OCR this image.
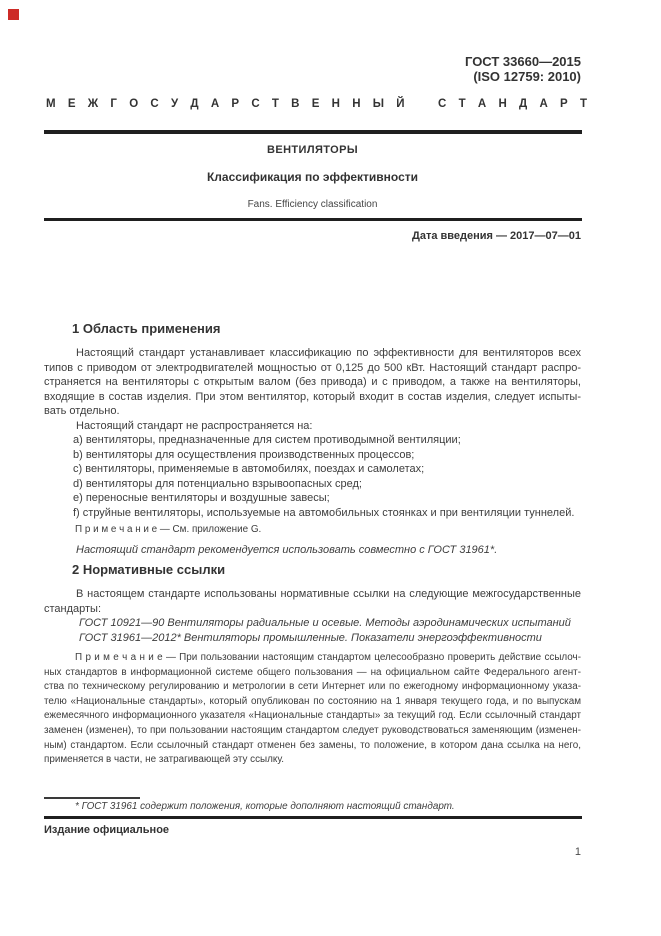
ГОСТ 33660—2015
(ISO 12759: 2010)
М Е Ж Г О С У Д А Р С Т В Е Н Н Ы Й	С Т А Н Д А Р Т
ВЕНТИЛЯТОРЫ
Классификация по эффективности
Fans. Efficiency classification
Дата введения — 2017—07—01
1 Область применения
Настоящий стандарт устанавливает классификацию по эффективности для вентиляторов всех
типов с приводом от электродвигателей мощностью от 0,125 до 500 кВт. Настоящий стандарт распро-
страняется на вентиляторы с открытым валом (без привода) и с приводом, а также на вентиляторы,
входящие в состав изделия. При этом вентилятор, который входит в состав изделия, следует испыты-
вать отдельно.
Настоящий стандарт не распространяется на:
a) вентиляторы, предназначенные для систем противодымной вентиляции;
b) вентиляторы для осуществления производственных процессов;
c) вентиляторы, применяемые в автомобилях, поездах и самолетах;
d) вентиляторы для потенциально взрывоопасных сред;
e) переносные вентиляторы и воздушные завесы;
f) струйные вентиляторы, используемые на автомобильных стоянках и при вентиляции туннелей.
П р и м е ч а н и е — См. приложение G.
Настоящий стандарт рекомендуется использовать совместно с ГОСТ 31961*.
2 Нормативные ссылки
В настоящем стандарте использованы нормативные ссылки на следующие межгосударственные
стандарты:
ГОСТ 10921—90 Вентиляторы радиальные и осевые. Методы аэродинамических испытаний
ГОСТ 31961—2012* Вентиляторы промышленные. Показатели энергоэффективности
П р и м е ч а н и е — При пользовании настоящим стандартом целесообразно проверить действие ссылоч-
ных стандартов в информационной системе общего пользования — на официальном сайте Федерального агент-
ства по техническому регулированию и метрологии в сети Интернет или по ежегодному информационному указа-
телю «Национальные стандарты», который опубликован по состоянию на 1 января текущего года, и по выпускам
ежемесячного информационного указателя «Национальные стандарты» за текущий год. Если ссылочный стандарт
заменен (изменен), то при пользовании настоящим стандартом следует руководствоваться заменяющим (изменен-
ным) стандартом. Если ссылочный стандарт отменен без замены, то положение, в котором дана ссылка на него,
применяется в части, не затрагивающей эту ссылку.
* ГОСТ 31961 содержит положения, которые дополняют настоящий стандарт.
Издание официальное
1
